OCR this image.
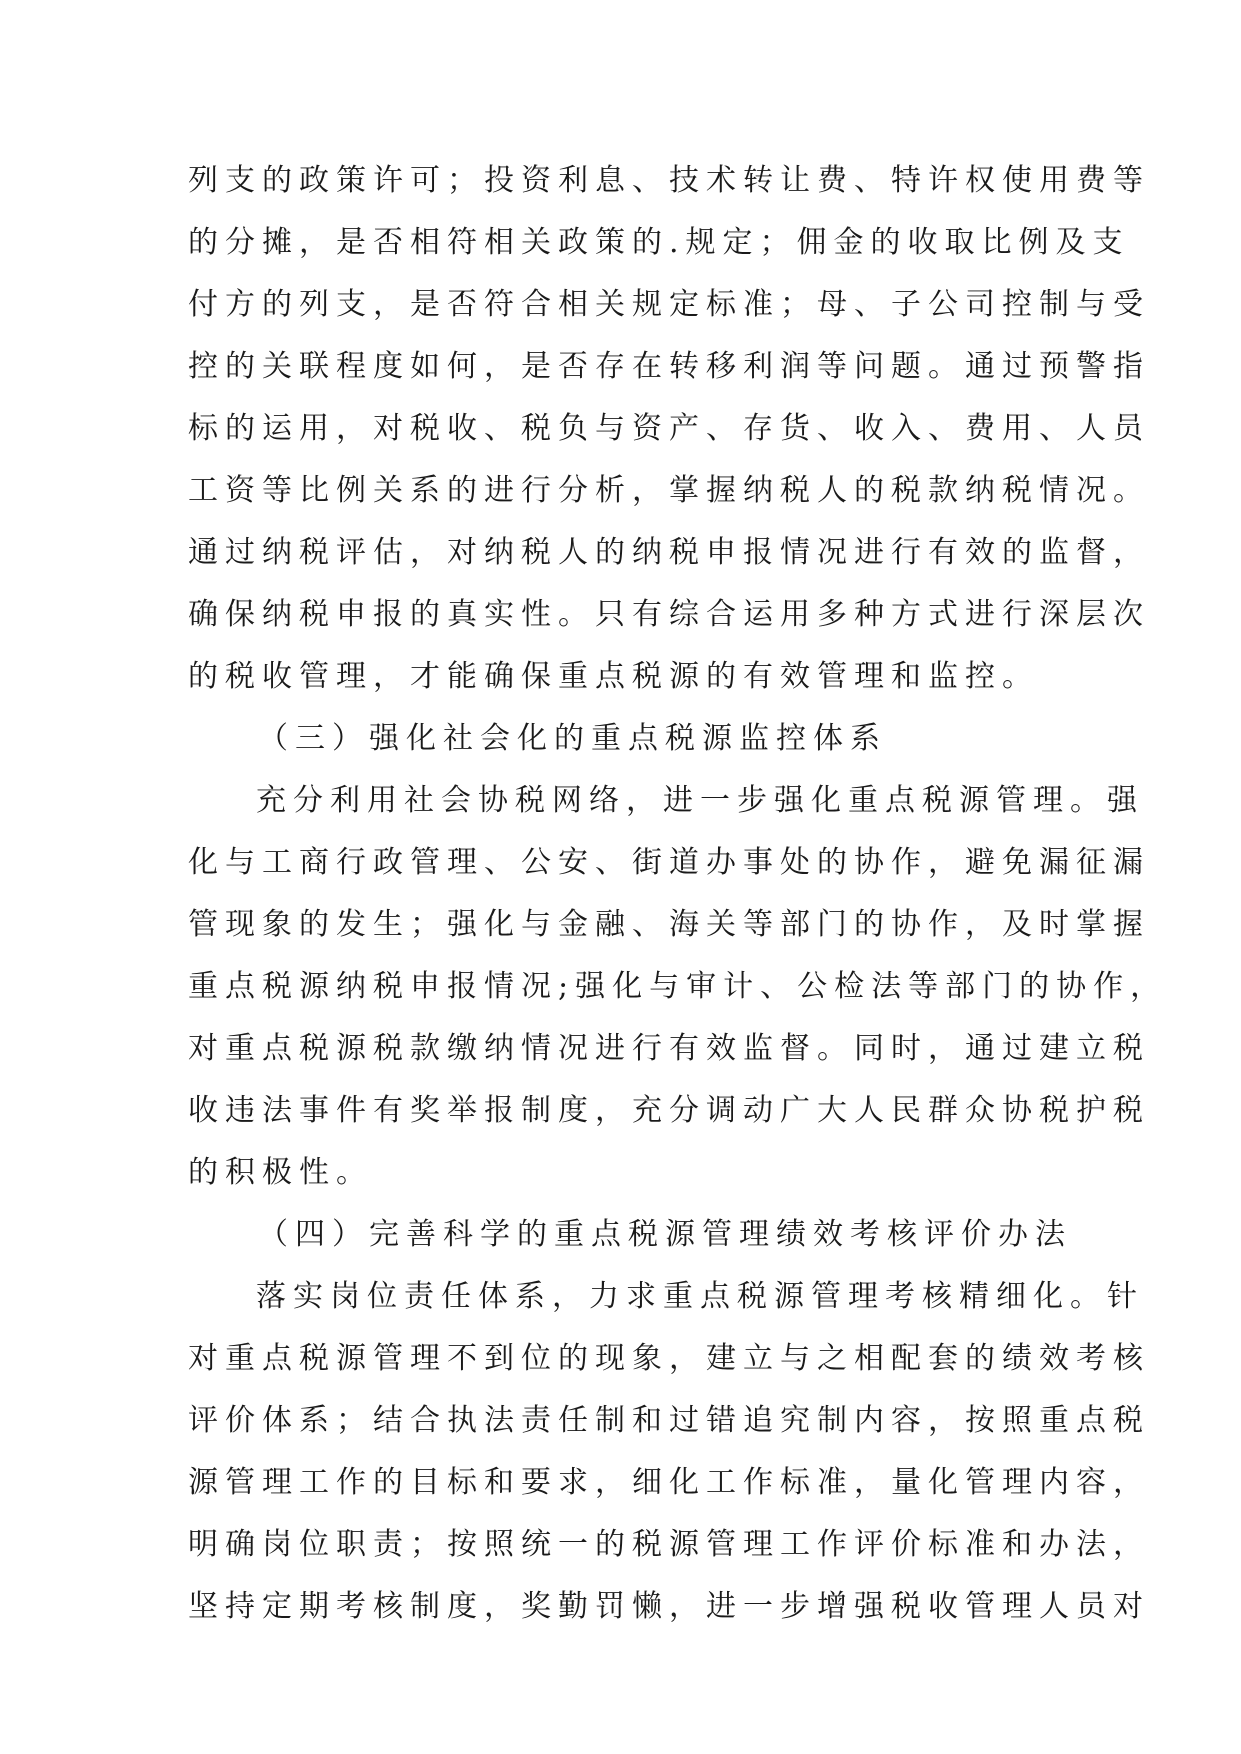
列支的政策许可；投资利息、技术转让费、特许权使用费等
的分摊，是否相符相关政策的.规定；佣金的收取比例及支
付方的列支，是否符合相关规定标准；母、子公司控制与受
控的关联程度如何，是否存在转移利润等问题。通过预警指
标的运用，对税收、税负与资产、存货、收入、费用、人员
工资等比例关系的进行分析，掌握纳税人的税款纳税情况。
通过纳税评估，对纳税人的纳税申报情况进行有效的监督，
确保纳税申报的真实性。只有综合运用多种方式进行深层次
的税收管理，才能确保重点税源的有效管理和监控。
（三）强化社会化的重点税源监控体系
充分利用社会协税网络，进一步强化重点税源管理。强
化与工商行政管理、公安、街道办事处的协作，避免漏征漏
管现象的发生；强化与金融、海关等部门的协作，及时掌握
重点税源纳税申报情况;强化与审计、公检法等部门的协作，
对重点税源税款缴纳情况进行有效监督。同时，通过建立税
收违法事件有奖举报制度，充分调动广大人民群众协税护税
的积极性。
（四）完善科学的重点税源管理绩效考核评价办法
落实岗位责任体系，力求重点税源管理考核精细化。针
对重点税源管理不到位的现象，建立与之相配套的绩效考核
评价体系；结合执法责任制和过错追究制内容，按照重点税
源管理工作的目标和要求，细化工作标准，量化管理内容，
明确岗位职责；按照统一的税源管理工作评价标准和办法，
坚持定期考核制度，奖勤罚懒，进一步增强税收管理人员对
